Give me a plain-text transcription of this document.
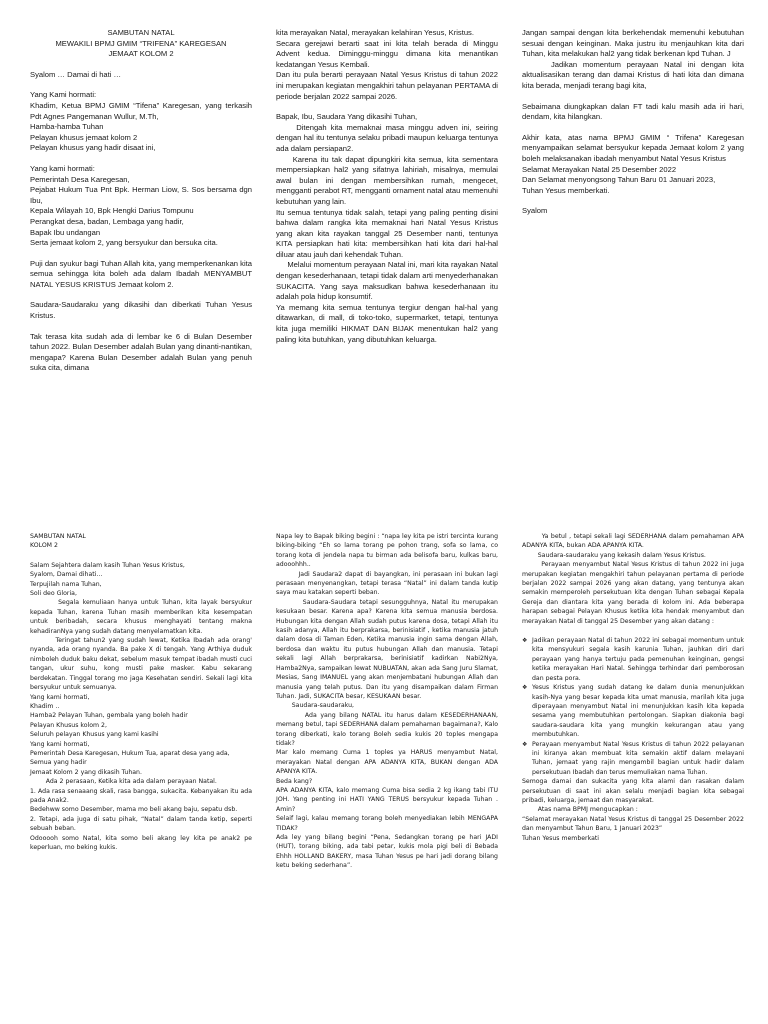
SAMBUTAN NATAL
MEWAKILI BPMJ GMIM “TRIFENA” KAREGESAN
JEMAAT KOLOM 2

Syalom … Damai di hati …

Yang Kami hormati:
Khadim, Ketua BPMJ GMIM “Tifena” Karegesan, yang terkasih Pdt Agnes Pangemanan Wullur, M.Th,
Hamba-hamba Tuhan
Pelayan khusus jemaat kolom 2
Pelayan khusus yang hadir disaat ini,

Yang kami hormati:
Pemerintah Desa Karegesan,
Pejabat Hukum Tua Pnt Bpk. Herman Liow, S. Sos bersama dgn Ibu,
Kepala Wilayah 10, Bpk Hengki Darius Tompunu
Perangkat desa, badan, Lembaga yang hadir,
Bapak Ibu undangan
Serta jemaat kolom 2, yang bersyukur dan bersuka cita.

Puji dan syukur bagi Tuhan Allah kita, yang memperkenankan kita semua sehingga kita boleh ada dalam Ibadah MENYAMBUT NATAL YESUS KRISTUS Jemaat kolom 2.

Saudara-Saudaraku yang dikasihi dan diberkati Tuhan Yesus Kristus.

Tak terasa kita sudah ada di lembar ke 6 di Bulan Desember tahun 2022. Bulan Desember adalah Bulan yang dinanti-nantikan, mengapa? Karena Bulan Desember adalah Bulan yang penuh suka cita, dimana

kita merayakan Natal, merayakan kelahiran Yesus, Kristus.
Secara gerejawi berarti saat ini kita telah berada di Minggu Advent kedua. Diminggu-minggu dimana kita menantikan kedatangan Yesus Kembali.
Dan itu pula berarti perayaan Natal Yesus Kristus di tahun 2022 ini merupakan kegiatan mengakhiri tahun pelayanan PERTAMA di periode berjalan 2022 sampai 2026.

Bapak, Ibu, Saudara Yang dikasihi Tuhan,
Ditengah kita memaknai masa minggu adven ini, seiring dengan hal itu tentunya selaku pribadi maupun keluarga tentunya ada dalam persiapan2.
Karena itu tak dapat dipungkiri kita semua, kita sementara mempersiapkan hal2 yang sifatnya lahiriah, misalnya, memulai awal bulan ini dengan membersihkan rumah, mengecet, mengganti perabot RT, mengganti ornament natal atau memenuhi kebutuhan yang lain.
Itu semua tentunya tidak salah, tetapi yang paling penting disini bahwa dalam rangka kita memaknai hari Natal Yesus Kristus yang akan kita rayakan tanggal 25 Desember nanti, tentunya KITA persiapkan hati kita: membersihkan hati kita dari hal-hal diluar atau jauh dari kehendak Tuhan.
Melalui momentum perayaan Natal ini, mari kita rayakan Natal dengan kesederhanaan, tetapi tidak dalam arti menyederhanakan SUKACITA. Yang saya maksudkan bahwa kesederhanaan itu adalah pola hidup konsumtif.
Ya memang kita semua tentunya tergiur dengan hal-hal yang ditawarkan, di mall, di toko-toko, supermarket, tetapi, tentunya kita juga memiliki HIKMAT DAN BIJAK menentukan hal2 yang paling kita butuhkan, yang dibutuhkan keluarga.

Jangan sampai dengan kita berkehendak memenuhi kebutuhan sesuai dengan keinginan. Maka justru itu menjauhkan kita dari Tuhan, kita melakukan hal2 yang tidak berkenan kpd Tuhan. J
Jadikan momentum perayaan Natal ini dengan kita aktualisasikan terang dan damai Kristus di hati kita dan dimana kita berada, menjadi terang bagi kita,

Sebaimana diungkapkan dalan FT tadi kalu masih ada iri hari, dendam, kita hilangkan.

Akhir kata, atas nama BPMJ GMIM “ Trifena” Karegesan menyampaikan selamat bersyukur kepada Jemaat kolom 2 yang boleh melaksanakan ibadah menyambut Natal Yesus Kristus
Selamat Merayakan Natal 25 Desember 2022
Dan Selamat menyongsong Tahun Baru 01 Januari 2023,
Tuhan Yesus memberkati.

Syalom

SAMBUTAN NATAL
KOLOM 2

Salam Sejahtera dalam kasih Tuhan Yesus Kristus,
Syalom, Damai dihati...
Terpujilah nama Tuhan,
Soli deo Gloria,
Segala kemuliaan hanya untuk Tuhan, kita layak bersyukur kepada Tuhan, karena Tuhan masih memberikan kita kesempatan untuk beribadah, secara khusus menghayati tentang makna kehadiranNya yang sudah datang menyelamatkan kita.
Teringat tahun2 yang sudah lewat, Ketika Ibadah ada orang' nyanda, ada orang nyanda. Ba pake X di tengah. Yang Arthiya duduk nimboleh duduk baku dekat, sebelum masuk tempat ibadah musti cuci tangan, ukur suhu, kong musti pake masker. Kabu sekarang berdekatan. Tinggal torang mo jaga Kesehatan sendiri. Sekali lagi kita bersyukur untuk semuanya.
Yang kami hormati,
Khadim ..
Hamba2 Pelayan Tuhan, gembala yang boleh hadir
Pelayan Khusus kolom 2,
Seluruh pelayan Khusus yang kami kasihi
Yang kami hormati,
Pemerintah Desa Karegesan, Hukum Tua, aparat desa yang ada,
Semua yang hadir
Jemaat Kolom 2 yang dikasih Tuhan.
Ada 2 perasaan, Ketika kita ada dalam perayaan Natal.
1. Ada rasa senaaang skali, rasa bangga, sukacita. Kebanyakan itu ada pada Anak2.
Bedehww somo Desember, mama mo beli akang baju, sepatu dsb.
2. Tetapi, ada juga di satu pihak, “Natal” dalam tanda ketip, seperti sebuah beban.
Odooooh somo Natal, kita somo beli akang ley kita pe anak2 pe keperluan, mo beking kukis.

Napa ley to Bapak biking begini : “napa ley kita pe istri tercinta kurang biking-biking “Eh so lama torang pe pohon trang, sofa so lama, co torang kota di jendela napa tu birman ada belisofa baru, kulkas baru, adooohhh..
Jadi Saudara2 dapat di bayangkan, ini perasaan ini bukan lagi perasaan menyenangkan, tetapi terasa “Natal” ini dalam tanda kutip saya mau katakan seperti beban.
Saudara-Saudara tetapi sesungguhnya, Natal itu merupakan kesukaan besar. Karena apa? Karena kita semua manusia berdosa. Hubungan kita dengan Allah sudah putus karena dosa, tetapi Allah itu kasih adanya, Allah itu berprakarsa, berinisiatif , ketika manusia jatuh dalam dosa di Taman Eden, Ketika manusia ingin sama dengan Allah, berdosa dan waktu itu putus hubungan Allah dan manusia. Tetapi sekali lagi Allah berprakarsa, berinisiatif kadirkan Nabi2Nya, Hamba2Nya, sampaikan lewat NUBUATAN, akan ada Sang Juru Slamat, Mesias, Sang IMANUEL yang akan menjembatani hubungan Allah dan manusia yang telah putus. Dan itu yang disampaikan dalam Firman Tuhan. Jadi, SUKACITA besar, KESUKAAN besar.
Saudara-saudaraku,
Ada yang bilang NATAL itu harus dalam KESEDERHANAAN, memang betul, tapi SEDERHANA dalam pemahaman bagaimana?, Kalo torang diberkati, kalo torang Boleh sedia kukis 20 toples mengapa tidak?
Mar kalo memang Cuma 1 toples ya HARUS menyambut Natal, merayakan Natal dengan APA ADANYA KITA, BUKAN dengan ADA APANYA KITA.
Beda kang?
APA ADANYA KITA, kalo memang Cuma bisa sedia 2 kg ikang tabi ITU JOH. Yang penting ini HATI YANG TERUS bersyukur kepada Tuhan . Amin?
Selaif lagi, kalau memang torang boleh menyediakan lebih MENGAPA TIDAK?
Ada ley yang bilang begini “Pena, Sedangkan torang pe hari JADI (HUT), torang biking, ada tabi petar, kukis mola pigi beli di Bebada Ehhh HOLLAND BAKERY, masa Tuhan Yesus pe hari jadi dorang bilang ketu beking sederhana”.

Ya betul , tetapi sekali lagi SEDERHANA dalam pemahaman APA ADANYA KITA, bukan ADA APANYA KITA.
Saudara-saudaraku yang kekasih dalam Yesus Kristus.
Perayaan menyambut Natal Yesus Kristus di tahun 2022 ini juga merupakan kegiatan mengakhiri tahun pelayanan pertama di periode berjalan 2022 sampai 2026 yang akan datang, yang tentunya akan semakin memperoleh persekutuan kita dengan Tuhan sebagai Kepala Gereja dan diantara kita yang berada di kolom ini. Ada beberapa harapan sebagai Pelayan Khusus ketika kita hendak menyambut dan merayakan Natal di tanggal 25 Desember yang akan datang :

❖ Jadikan perayaan Natal di tahun 2022 ini sebagai momentum untuk kita mensyukuri segala kasih karunia Tuhan, jauhkan diri dari perayaan yang hanya tertuju pada pemenuhan keinginan, gengsi ketika merayakan Hari Natal. Sehingga terhindar dari pemborosan dan pesta pora.
❖ Yesus Kristus yang sudah datang ke dalam dunia menunjukkan kasih-Nya yang besar kepada kita umat manusia, marilah kita juga diperayaan menyambut Natal ini menunjukkan kasih kita kepada sesama yang membutuhkan pertolongan. Siapkan diakonia bagi saudara-saudara kita yang mungkin kekurangan atau yang membutuhkan.
❖ Perayaan menyambut Natal Yesus Kristus di tahun 2022 pelayanan ini kiranya akan membuat kita semakin aktif dalam melayani Tuhan, jemaat yang rajin mengambil bagian untuk hadir dalam persekutuan Ibadah dan terus memuliakan nama Tuhan.

Semoga damai dan sukacita yang kita alami dan rasakan dalam persekutuan di saat ini akan selalu menjadi bagian kita sebagai pribadi, keluarga, jemaat dan masyarakat.
Atas nama BPMJ mengucapkan :
“Selamat merayakan Natal Yesus Kristus di tanggal 25 Desember 2022 dan menyambut Tahun Baru, 1 Januari 2023”
Tuhan Yesus memberkati
